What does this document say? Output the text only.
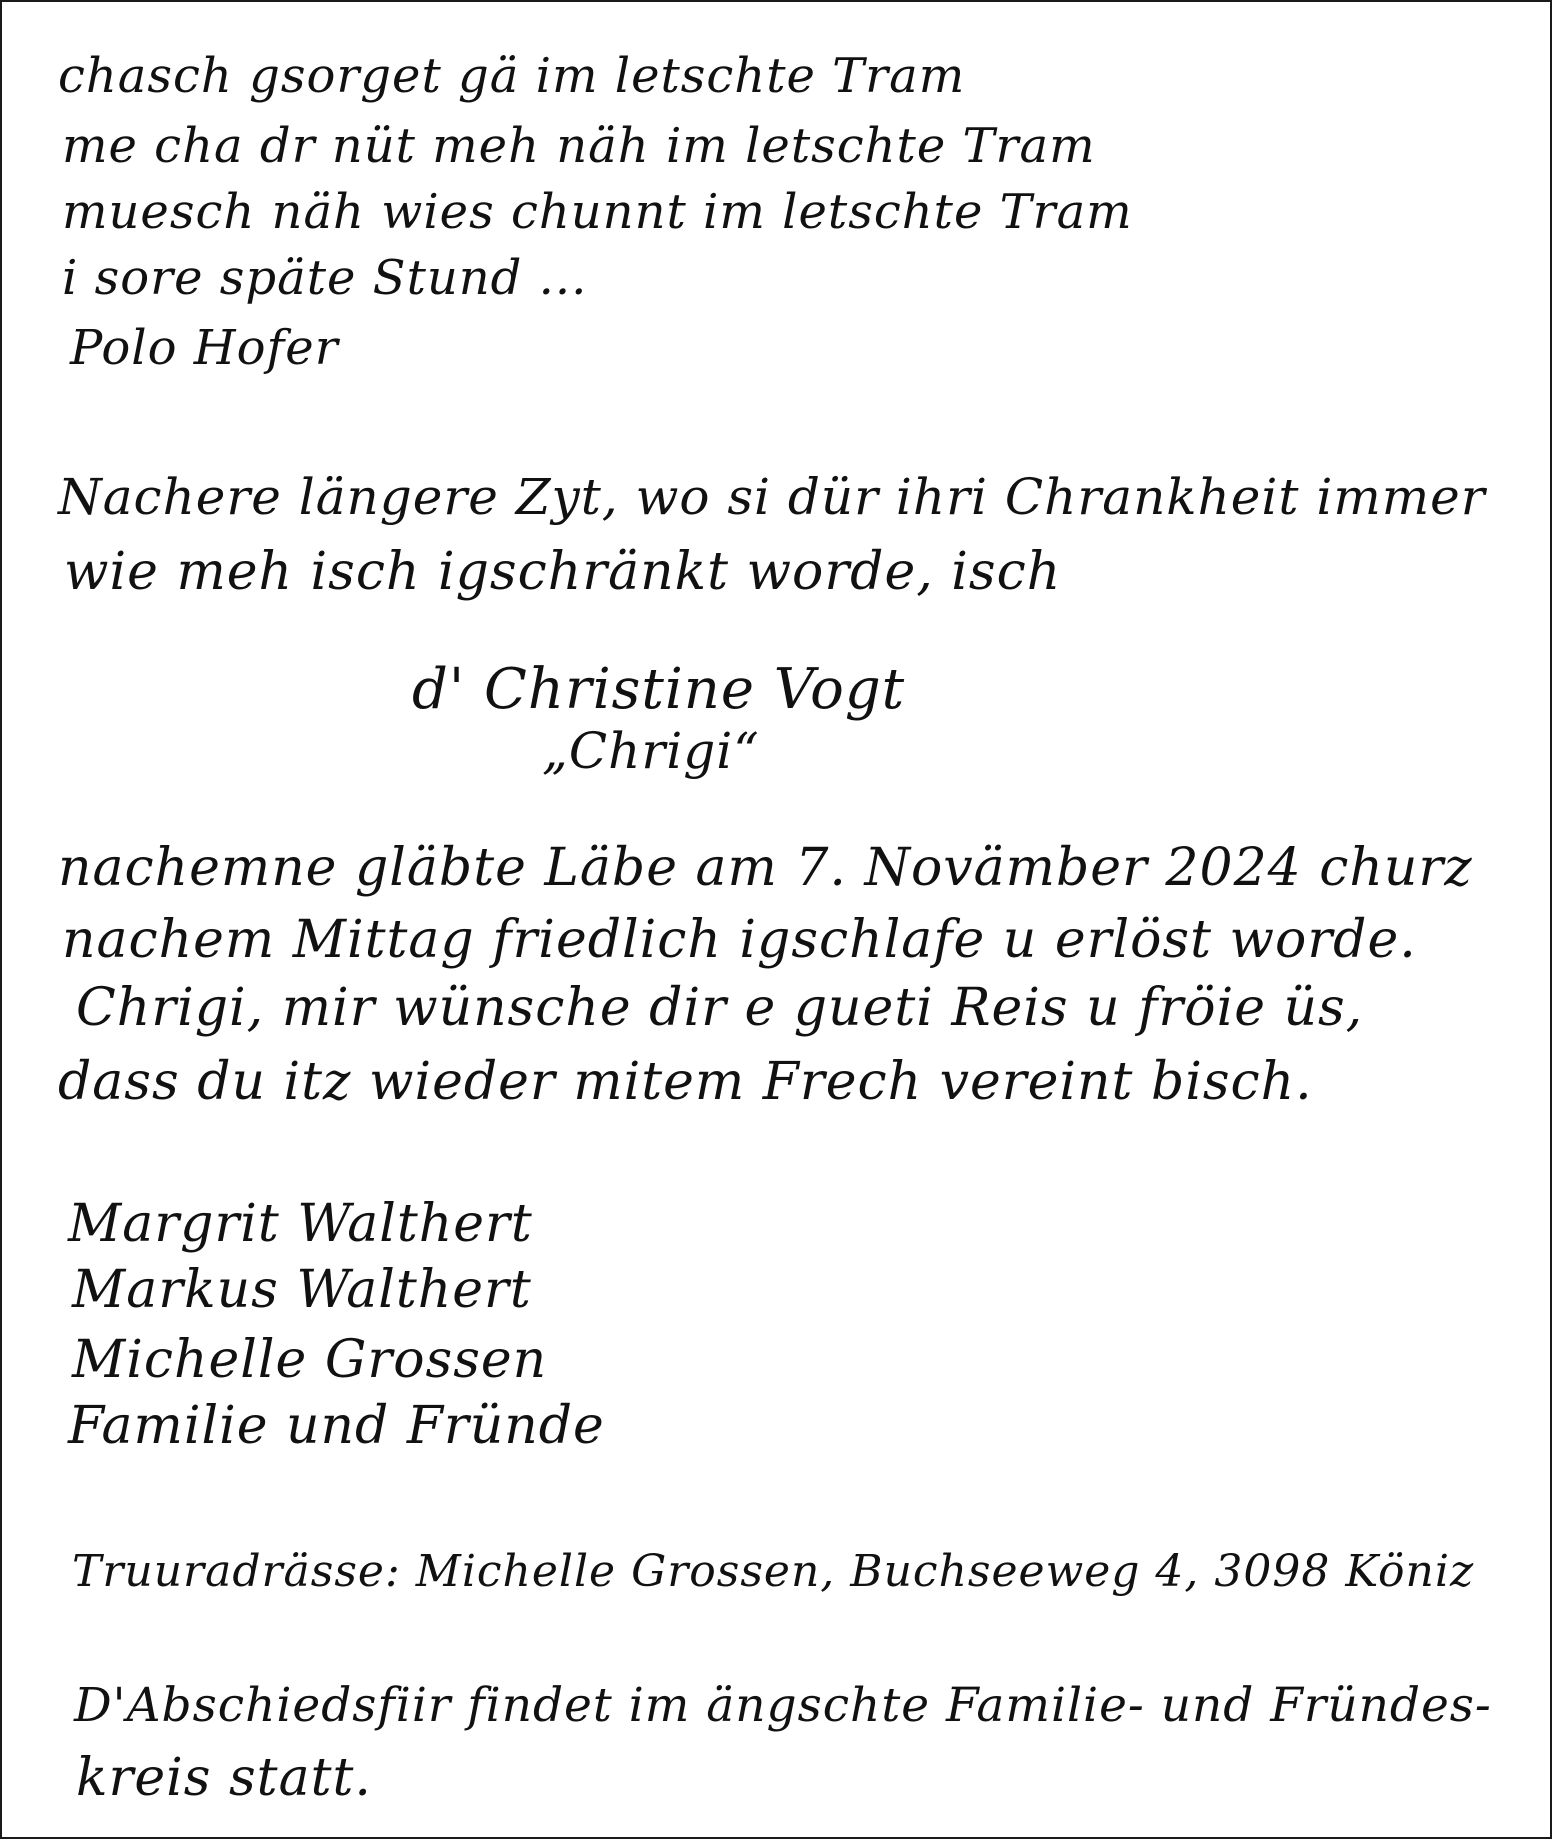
chasch gsorget gä im letschte Tram
me cha dr nüt meh näh im letschte Tram
muesch näh wies chunnt im letschte Tram
i sore späte Stund ...
Polo Hofer
Nachere längere Zyt, wo si dür ihri Chrankheit immer
wie meh isch igschränkt worde, isch
d' Christine Vogt
„Chrigi“
nachemne gläbte Läbe am 7. Novämber 2024 churz
nachem Mittag friedlich igschlafe u erlöst worde.
Chrigi, mir wünsche dir e gueti Reis u fröie üs,
dass du itz wieder mitem Frech vereint bisch.
Margrit Walthert
Markus Walthert
Michelle Grossen
Familie und Fründe
Truuradrässe: Michelle Grossen, Buchseeweg 4, 3098 Köniz
D'Abschiedsfiir findet im ängschte Familie- und Fründes-
kreis statt.
